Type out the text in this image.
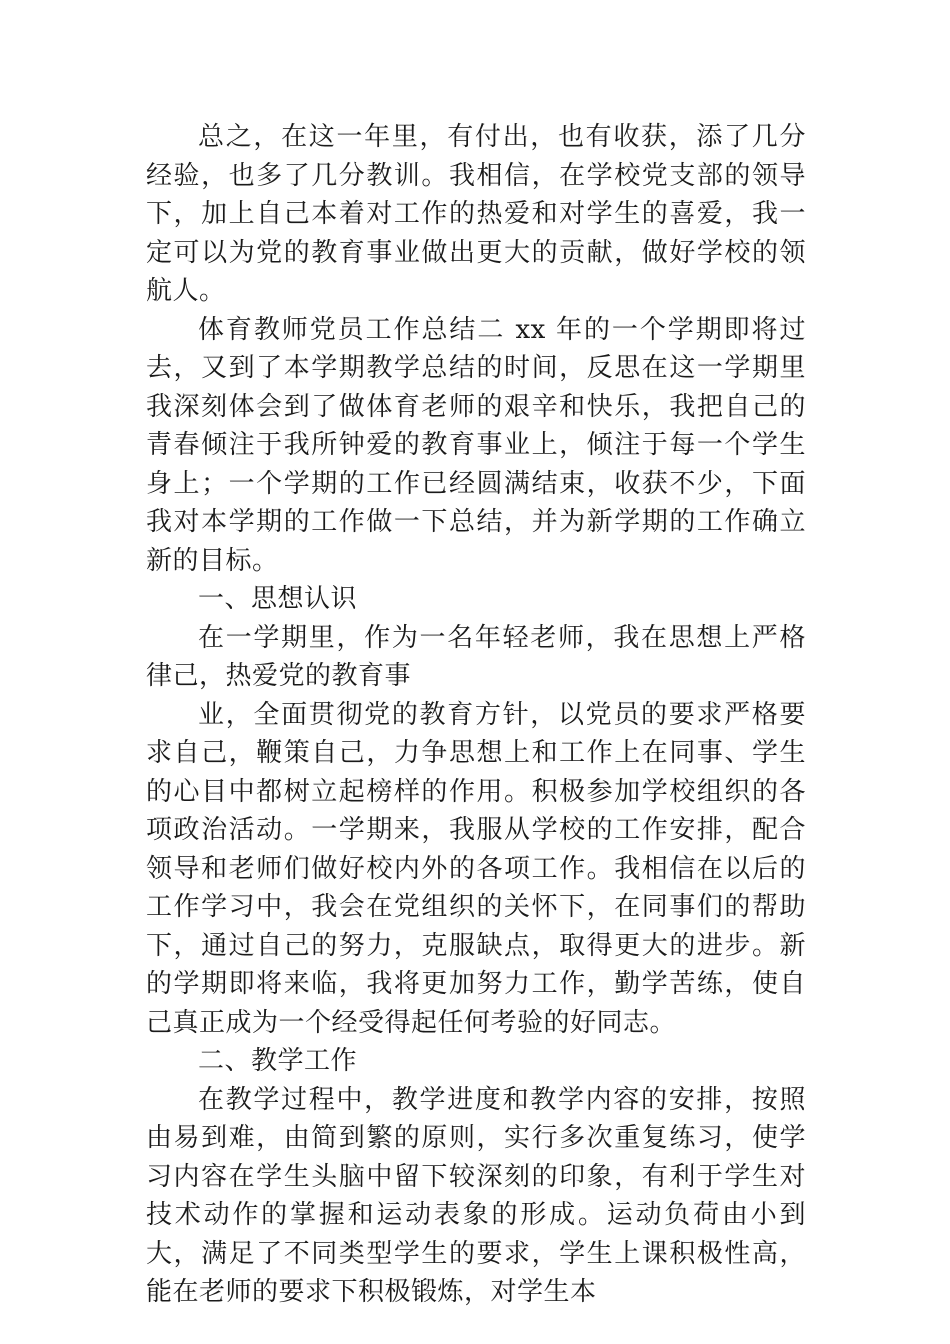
总之，在这一年里，有付出，也有收获，添了几分经验，也多了几分教训。我相信，在学校党支部的领导下，加上自己本着对工作的热爱和对学生的喜爱，我一定可以为党的教育事业做出更大的贡献，做好学校的领航人。

体育教师党员工作总结二 xx 年的一个学期即将过去，又到了本学期教学总结的时间，反思在这一学期里我深刻体会到了做体育老师的艰辛和快乐，我把自己的青春倾注于我所钟爱的教育事业上，倾注于每一个学生身上；一个学期的工作已经圆满结束，收获不少，下面我对本学期的工作做一下总结，并为新学期的工作确立新的目标。

一、思想认识

在一学期里，作为一名年轻老师，我在思想上严格律己，热爱党的教育事

业，全面贯彻党的教育方针，以党员的要求严格要求自己，鞭策自己，力争思想上和工作上在同事、学生的心目中都树立起榜样的作用。积极参加学校组织的各项政治活动。一学期来，我服从学校的工作安排，配合领导和老师们做好校内外的各项工作。我相信在以后的工作学习中，我会在党组织的关怀下，在同事们的帮助下，通过自己的努力，克服缺点，取得更大的进步。新的学期即将来临，我将更加努力工作，勤学苦练，使自己真正成为一个经受得起任何考验的好同志。

二、教学工作

在教学过程中，教学进度和教学内容的安排，按照由易到难，由简到繁的原则，实行多次重复练习，使学习内容在学生头脑中留下较深刻的印象，有利于学生对技术动作的掌握和运动表象的形成。运动负荷由小到大，满足了不同类型学生的要求，学生上课积极性高，能在老师的要求下积极锻炼，对学生本
